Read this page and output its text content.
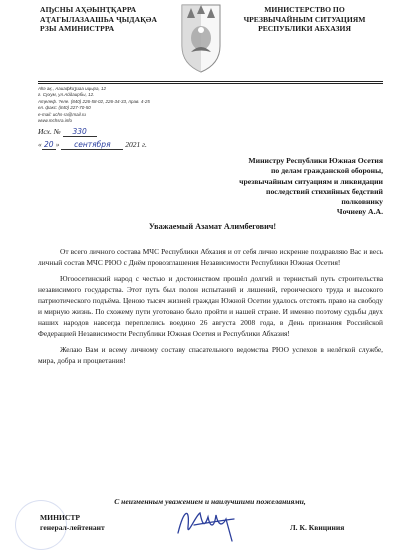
АҦСНЫ АҲӘЫНҬҚАРРА
АҬАГЫЛАЗААШЬА ҶЫДАҚӘА
РЗЫ АМИНИСТРРА
МИНИСТЕРСТВО ПО
ЧРЕЗВЫЧАЙНЫМ СИТУАЦИЯМ
РЕСПУБЛИКИ АБХАЗИЯ
Аҟә ақ., Ааиафҟиӡиаа ицыра, 12
г. Сухум, ул.Айдаирбы, 12.
Аҭелеф. ?еле. (840) 226-58-02, 226-34-33, прав. 4-25
ел. факс: (840) 227-70-50
e-mail: uchs-ra@mail.ru
www.mchsra.info
Исх. № 330
« 20 » сентября 2021 г.
Министру Республики Южная Осетия
по делам гражданской обороны,
чрезвычайным ситуациям и ликвидации
последствий стихийных бедствий
полковнику
Чочиеву А.А.
Уважаемый Азамат Алимбегович!

От всего личного состава МЧС Республики Абхазия и от себя лично искренне поздравляю Вас и весь личный состав МЧС РЮО с Днём провозглашения Независимости Республики Южная Осетия!

Югоосетинский народ с честью и достоинством прошёл долгий и тернистый путь строительства независимого государства. Этот путь был полон испытаний и лишений, героического труда и высокого патриотического подъёма. Ценою тысяч жизней граждан Южной Осетии удалось отстоять право на свободу и мирную жизнь. По схожему пути уготовано было пройти и нашей стране. И именно поэтому судьбы двух наших народов навсегда переплелись воедино 26 августа 2008 года, в День признания Российской Федерацией Независимости Республики Южная Осетия и Республики Абхазия!

Желаю Вам и всему личному составу спасательного ведомства РЮО успехов в нелёгкой службе, мира, добра и процветания!

С неизменным уважением и наилучшими пожеланиями,
МИНИСТР
генерал-лейтенант	Л. К. Квициния
